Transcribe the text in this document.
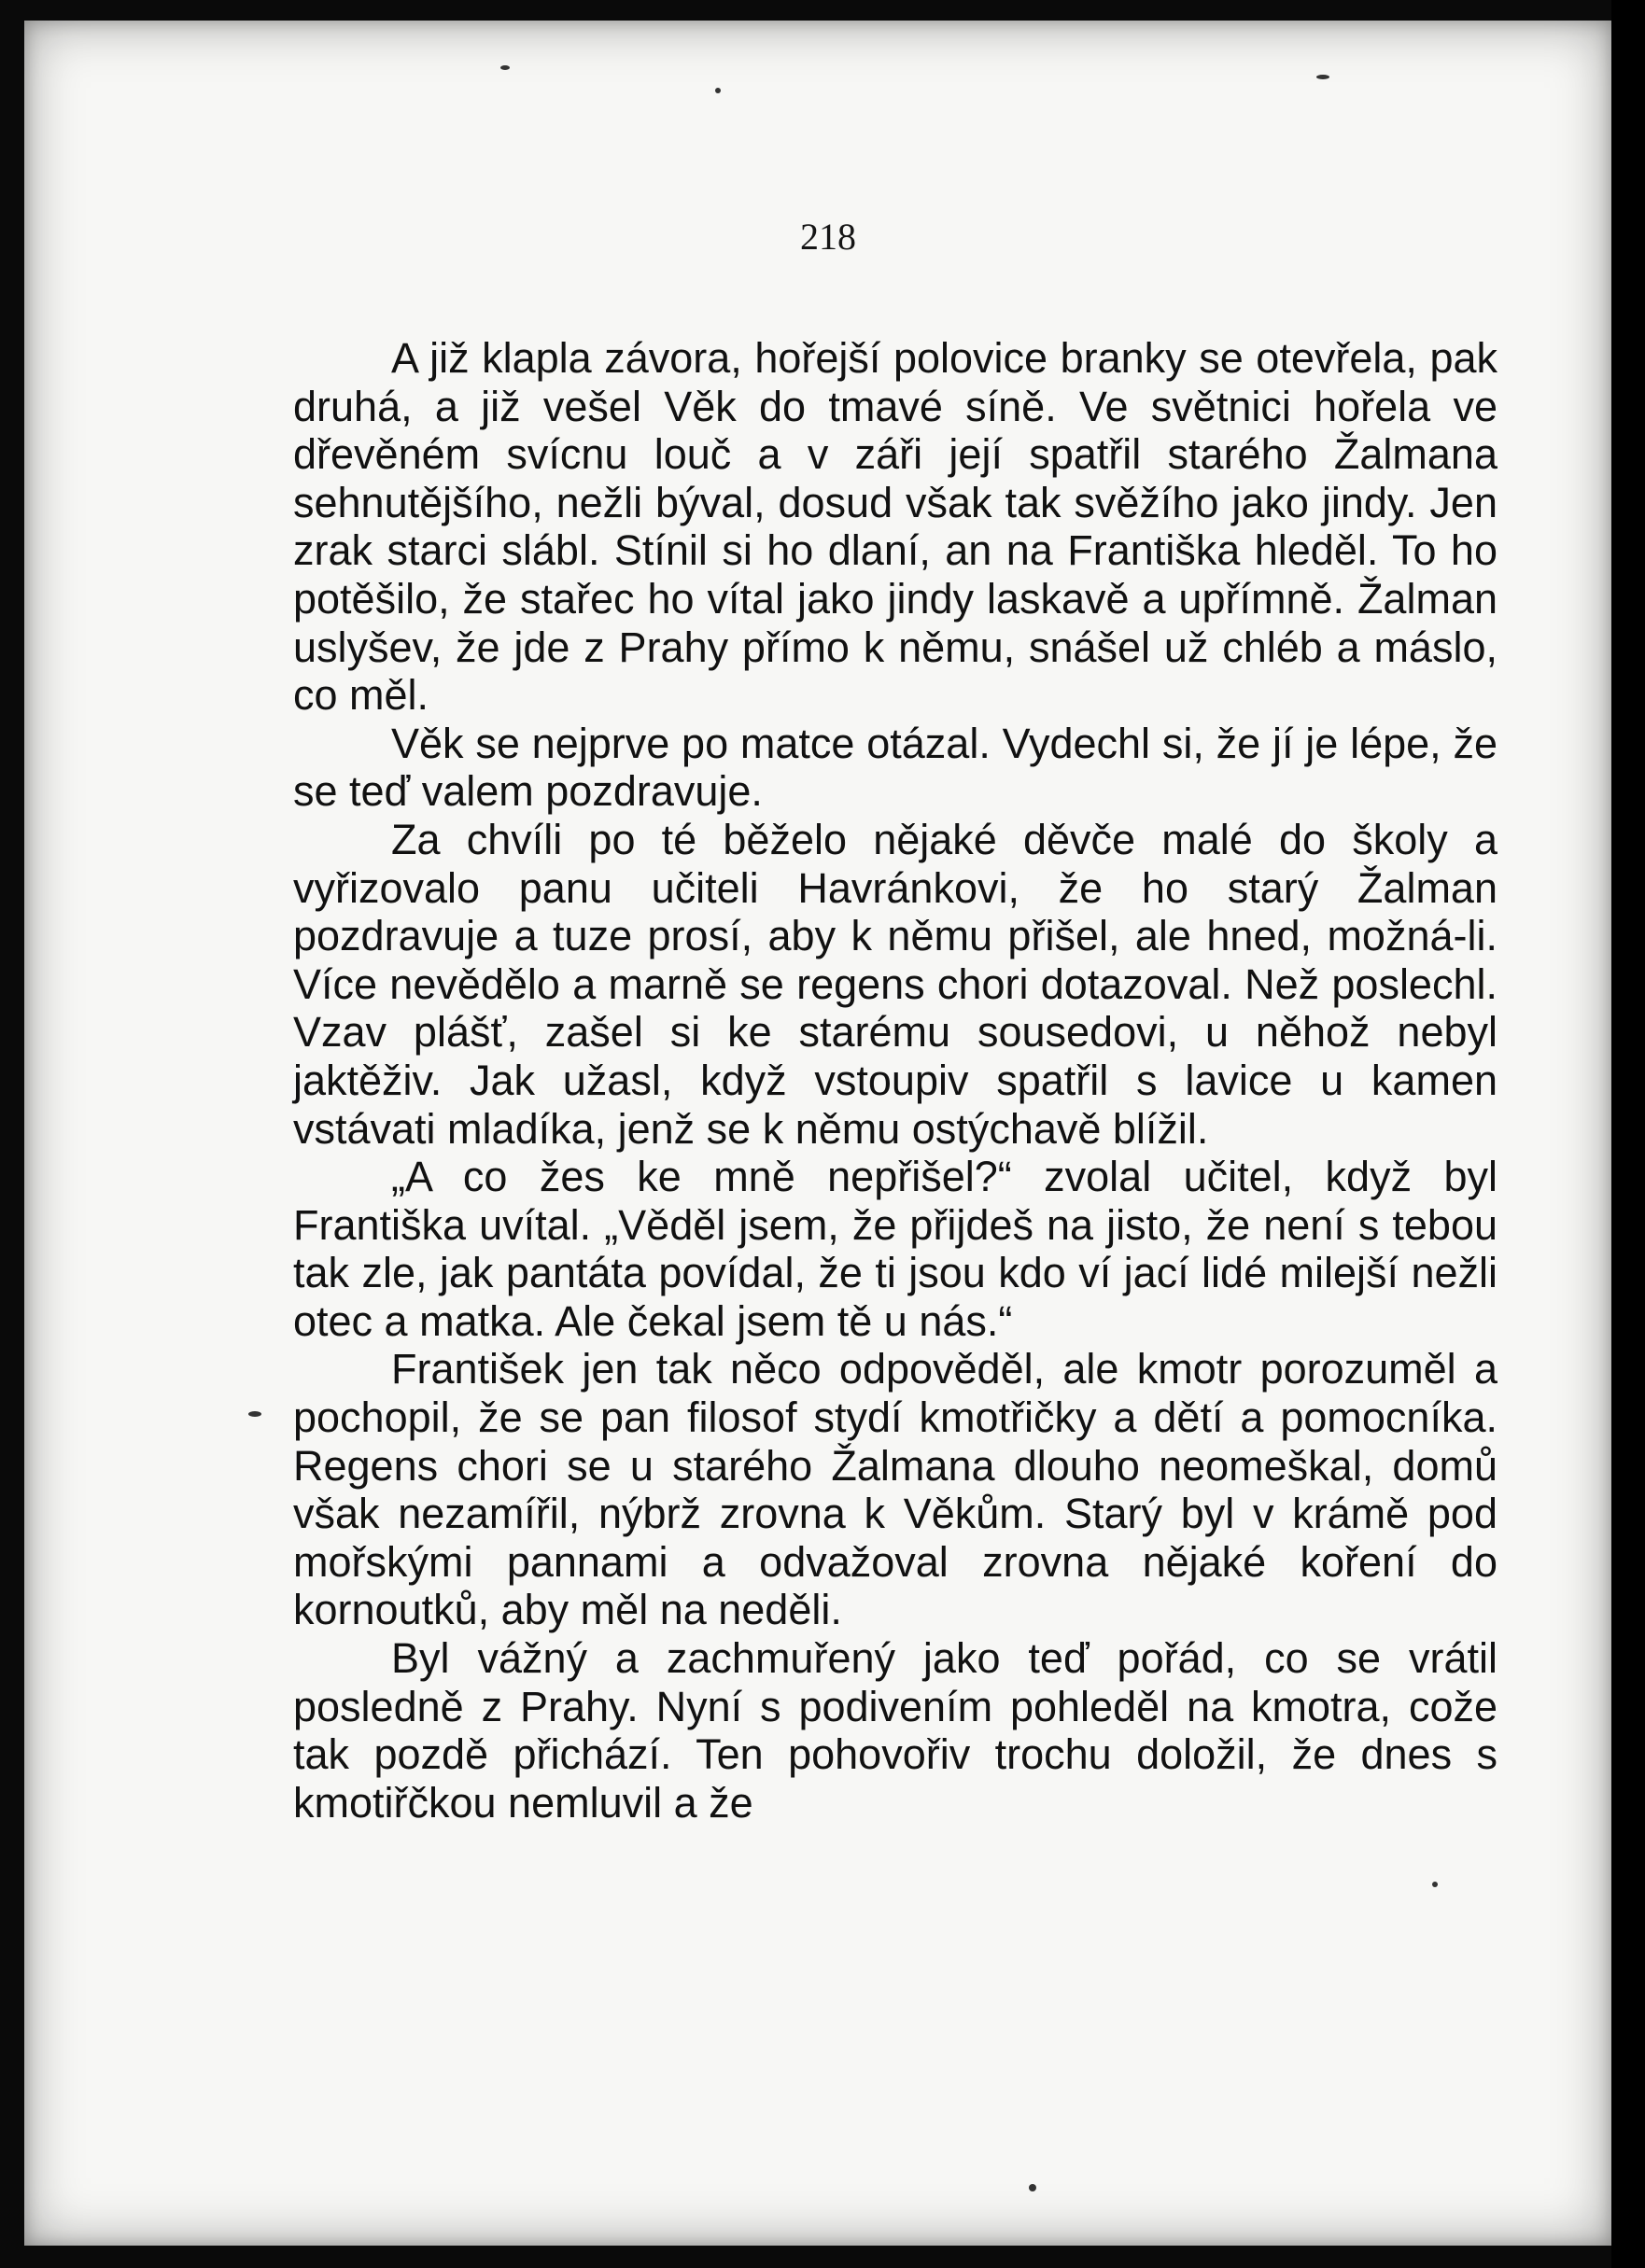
218

A již klapla závora, hořejší polovice branky se otevřela, pak druhá, a již vešel Věk do tmavé síně. Ve světnici hořela ve dřevěném svícnu louč a v záři její spatřil starého Žalmana sehnutějšího, nežli býval, dosud však tak svěžího jako jindy. Jen zrak starci slábl. Stínil si ho dlaní, an na Františka hleděl. To ho potěšilo, že stařec ho vítal jako jindy laskavě a upřímně. Žalman uslyšev, že jde z Prahy přímo k němu, snášel už chléb a máslo, co měl.

Věk se nejprve po matce otázal. Vydechl si, že jí je lépe, že se teď valem pozdravuje.

Za chvíli po té běželo nějaké děvče malé do školy a vyřizovalo panu učiteli Havránkovi, že ho starý Žalman pozdravuje a tuze prosí, aby k němu přišel, ale hned, možná-li. Více nevědělo a marně se regens chori dotazoval. Než poslechl. Vzav plášť, zašel si ke starému sousedovi, u něhož nebyl jaktěživ. Jak užasl, když vstoupiv spatřil s lavice u kamen vstávati mladíka, jenž se k němu ostýchavě blížil.

„A co žes ke mně nepřišel?“ zvolal učitel, když byl Františka uvítal. „Věděl jsem, že přijdeš na jisto, že není s tebou tak zle, jak pantáta povídal, že ti jsou kdo ví jací lidé milejší nežli otec a matka. Ale čekal jsem tě u nás.“

František jen tak něco odpověděl, ale kmotr porozuměl a pochopil, že se pan filosof stydí kmotřičky a dětí a pomocníka. Regens chori se u starého Žalmana dlouho neomeškal, domů však nezamířil, nýbrž zrovna k Věkům. Starý byl v krámě pod mořskými pannami a odvažoval zrovna nějaké koření do kornoutků, aby měl na neděli.

Byl vážný a zachmuřený jako teď pořád, co se vrátil posledně z Prahy. Nyní s podivením pohleděl na kmotra, cože tak pozdě přichází. Ten pohovořiv trochu doložil, že dnes s kmotiřčkou nemluvil a že
